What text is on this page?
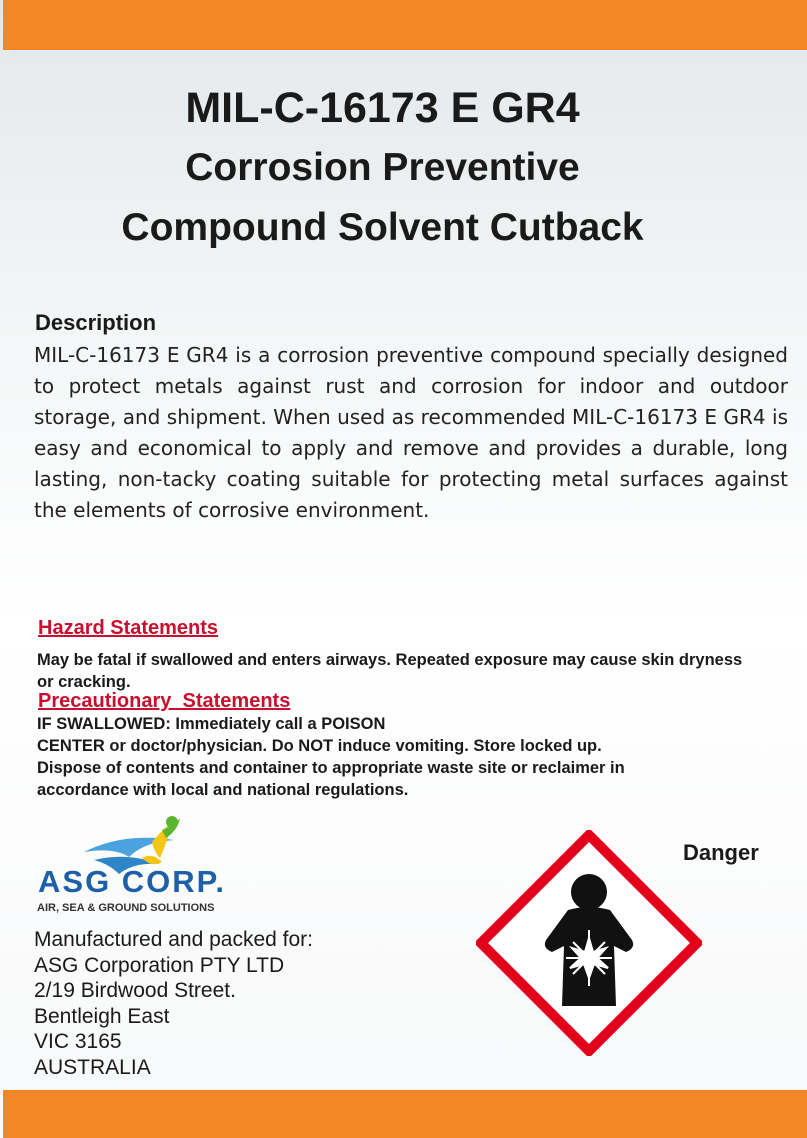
MIL-C-16173 E GR4
Corrosion Preventive
Compound Solvent Cutback
Description
MIL-C-16173 E GR4 is a corrosion preventive compound specially designed to protect metals against rust and corrosion for indoor and outdoor storage, and shipment. When used as recommended MIL-C-16173 E GR4 is easy and economical to apply and remove and provides a durable, long lasting, non-tacky coating suitable for protecting metal surfaces against the elements of corrosive environment.
Hazard Statements
May be fatal if swallowed and enters airways. Repeated exposure may cause skin dryness or cracking.
Precautionary  Statements
IF SWALLOWED: Immediately call a POISON
CENTER or doctor/physician. Do NOT induce vomiting. Store locked up.
Dispose of contents and container to appropriate waste site or reclaimer in
accordance with local and national regulations.
ASG CORP.
AIR, SEA & GROUND SOLUTIONS
Manufactured and packed for:
ASG Corporation PTY LTD
2/19 Birdwood Street.
Bentleigh East
VIC 3165
AUSTRALIA
Danger
